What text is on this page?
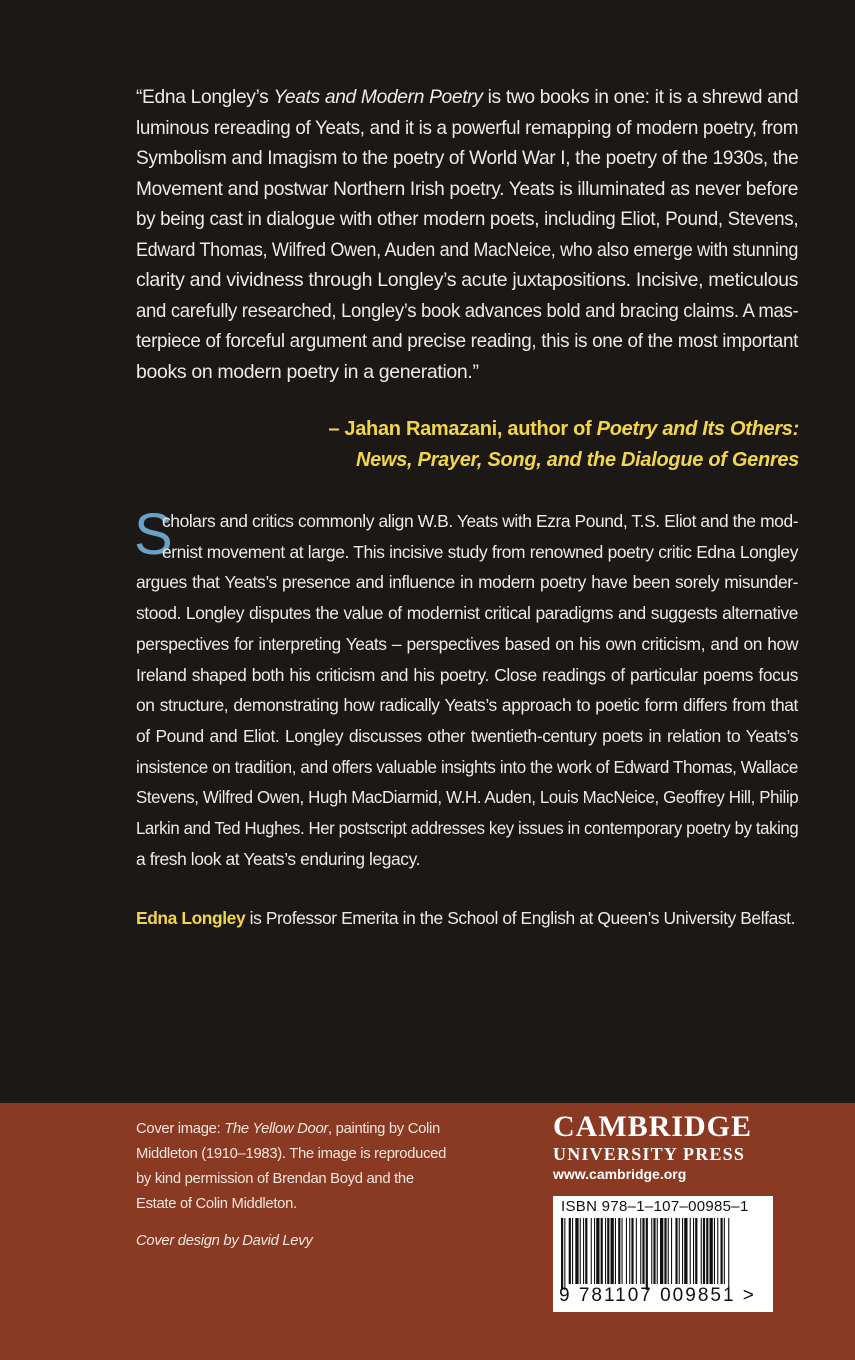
“Edna Longley’s Yeats and Modern Poetry is two books in one: it is a shrewd and
luminous rereading of Yeats, and it is a powerful remapping of modern poetry, from
Symbolism and Imagism to the poetry of World War I, the poetry of the 1930s, the
Movement and postwar Northern Irish poetry. Yeats is illuminated as never before
by being cast in dialogue with other modern poets, including Eliot, Pound, Stevens,
Edward Thomas, Wilfred Owen, Auden and MacNeice, who also emerge with stunning
clarity and vividness through Longley’s acute juxtapositions. Incisive, meticulous
and carefully researched, Longley’s book advances bold and bracing claims. A mas-
terpiece of forceful argument and precise reading, this is one of the most important
books on modern poetry in a generation.”
– Jahan Ramazani, author of Poetry and Its Others:
News, Prayer, Song, and the Dialogue of Genres
S
cholars and critics commonly align W.B. Yeats with Ezra Pound, T.S. Eliot and the mod-
ernist movement at large. This incisive study from renowned poetry critic Edna Longley
argues that Yeats’s presence and influence in modern poetry have been sorely misunder-
stood. Longley disputes the value of modernist critical paradigms and suggests alternative
perspectives for interpreting Yeats – perspectives based on his own criticism, and on how
Ireland shaped both his criticism and his poetry. Close readings of particular poems focus
on structure, demonstrating how radically Yeats’s approach to poetic form differs from that
of Pound and Eliot. Longley discusses other twentieth-century poets in relation to Yeats’s
insistence on tradition, and offers valuable insights into the work of Edward Thomas, Wallace
Stevens, Wilfred Owen, Hugh MacDiarmid, W.H. Auden, Louis MacNeice, Geoffrey Hill, Philip
Larkin and Ted Hughes. Her postscript addresses key issues in contemporary poetry by taking
a fresh look at Yeats’s enduring legacy.
Edna Longley is Professor Emerita in the School of English at Queen’s University Belfast.
Cover image: The Yellow Door, painting by Colin
Middleton (1910–1983). The image is reproduced
by kind permission of Brendan Boyd and the
Estate of Colin Middleton.
Cover design by David Levy
CAMBRIDGE
UNIVERSITY PRESS
www.cambridge.org
ISBN 978–1–107–00985–1
9 781107 009851 >
